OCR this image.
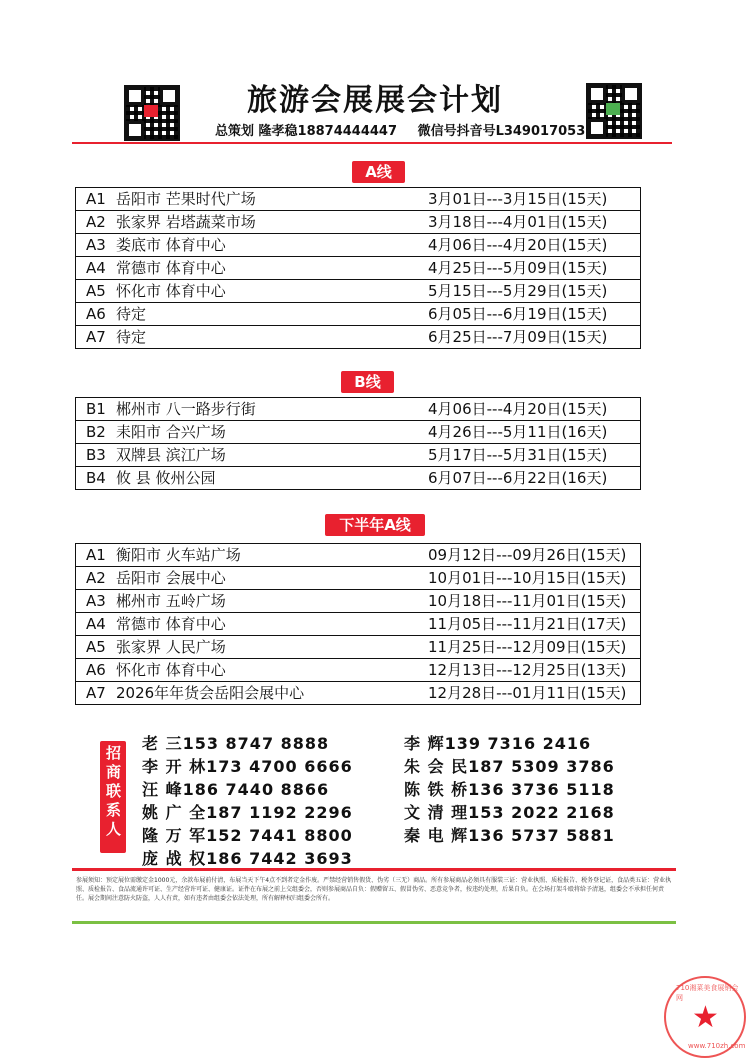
旅游会展展会计划
总策划 隆孝稳18874444447 微信号抖音号L349017053
A线
A1 岳阳市 芒果时代广场	3月01日---3月15日(15天)
A2 张家界 岩塔蔬菜市场	3月18日---4月01日(15天)
A3 娄底市 体育中心	4月06日---4月20日(15天)
A4 常德市 体育中心	4月25日---5月09日(15天)
A5 怀化市 体育中心	5月15日---5月29日(15天)
A6 待定	6月05日---6月19日(15天)
A7 待定	6月25日---7月09日(15天)
B线
B1 郴州市 八一路步行街	4月06日---4月20日(15天)
B2 耒阳市 合兴广场	4月26日---5月11日(16天)
B3 双牌县 滨江广场	5月17日---5月31日(15天)
B4 攸 县 攸州公园	6月07日---6月22日(16天)
下半年A线
A1 衡阳市 火车站广场	09月12日---09月26日(15天)
A2 岳阳市 会展中心	10月01日---10月15日(15天)
A3 郴州市 五岭广场	10月18日---11月01日(15天)
A4 常德市 体育中心	11月05日---11月21日(17天)
A5 张家界 人民广场	11月25日---12月09日(15天)
A6 怀化市 体育中心	12月13日---12月25日(13天)
A7 2026年年货会岳阳会展中心	12月28日---01月11日(15天)
招商联系人
老 三153 8747 8888
李 开 林173 4700 6666
汪 峰186 7440 8866
姚 广 全187 1192 2296
隆 万 军152 7441 8800
庞 战 权186 7442 3693
李 辉139 7316 2416
朱 会 民187 5309 3786
陈 铁 桥136 3736 5118
文 清 理153 2022 2168
秦 电 辉136 5737 5881
参展须知：预定展位需缴定金1000元，余款布展前付清，布展当天下午4点不到者定金作废。严禁经营销售假货、伪劣（三无）商品。所有参展商品必须具有服装三证：营业执照、质检报告、税务登记证，食品类五证：营业执照、质检报告、食品流通许可证、生产经营许可证、健康证。证件在布展之前上交组委会，否则参展商品自负：假赠留五、假冒伪劣、恶意竞争者，按违约处理，后果自负。在会场打架斗殴将给予清退，组委会不承担任何责任。展会期间注意防火防盗，人人有责，如有违者由组委会依法处理，所有解释权归组委会所有。
710湘菜美食展销会网
★
www.710zh.com
